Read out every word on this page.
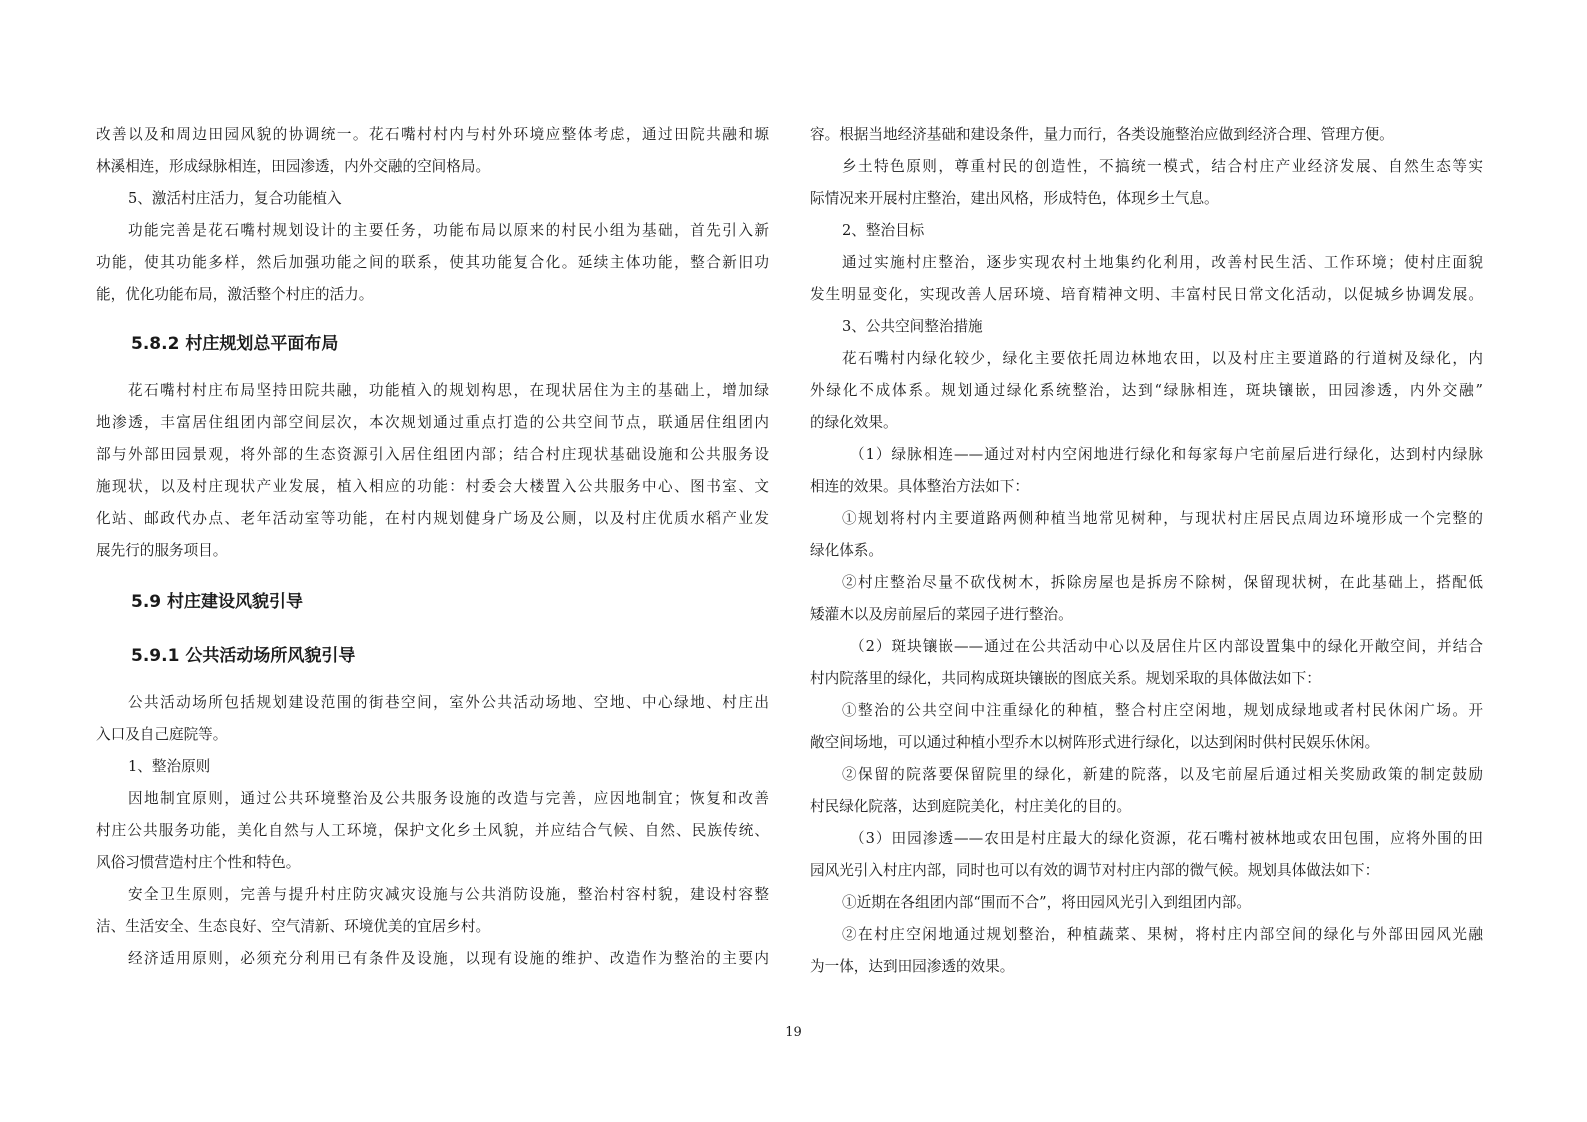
改善以及和周边田园风貌的协调统一。花石嘴村村内与村外环境应整体考虑，通过田院共融和塬
林溪相连，形成绿脉相连，田园渗透，内外交融的空间格局。
5、激活村庄活力，复合功能植入
功能完善是花石嘴村规划设计的主要任务，功能布局以原来的村民小组为基础，首先引入新
功能，使其功能多样，然后加强功能之间的联系，使其功能复合化。延续主体功能，整合新旧功
能，优化功能布局，激活整个村庄的活力。
5.8.2 村庄规划总平面布局
花石嘴村村庄布局坚持田院共融，功能植入的规划构思，在现状居住为主的基础上，增加绿
地渗透，丰富居住组团内部空间层次，本次规划通过重点打造的公共空间节点，联通居住组团内
部与外部田园景观，将外部的生态资源引入居住组团内部；结合村庄现状基础设施和公共服务设
施现状，以及村庄现状产业发展，植入相应的功能：村委会大楼置入公共服务中心、图书室、文
化站、邮政代办点、老年活动室等功能，在村内规划健身广场及公厕，以及村庄优质水稻产业发
展先行的服务项目。
5.9 村庄建设风貌引导
5.9.1 公共活动场所风貌引导
公共活动场所包括规划建设范围的街巷空间，室外公共活动场地、空地、中心绿地、村庄出
入口及自己庭院等。
1、整治原则
因地制宜原则，通过公共环境整治及公共服务设施的改造与完善，应因地制宜；恢复和改善
村庄公共服务功能，美化自然与人工环境，保护文化乡土风貌，并应结合气候、自然、民族传统、
风俗习惯营造村庄个性和特色。
安全卫生原则，完善与提升村庄防灾减灾设施与公共消防设施，整治村容村貌，建设村容整
洁、生活安全、生态良好、空气清新、环境优美的宜居乡村。
经济适用原则，必须充分利用已有条件及设施，以现有设施的维护、改造作为整治的主要内
容。根据当地经济基础和建设条件，量力而行，各类设施整治应做到经济合理、管理方便。
乡土特色原则，尊重村民的创造性，不搞统一模式，结合村庄产业经济发展、自然生态等实
际情况来开展村庄整治，建出风格，形成特色，体现乡土气息。
2、整治目标
通过实施村庄整治，逐步实现农村土地集约化利用，改善村民生活、工作环境；使村庄面貌
发生明显变化，实现改善人居环境、培育精神文明、丰富村民日常文化活动，以促城乡协调发展。
3、公共空间整治措施
花石嘴村内绿化较少，绿化主要依托周边林地农田，以及村庄主要道路的行道树及绿化，内
外绿化不成体系。规划通过绿化系统整治，达到“绿脉相连，斑块镶嵌，田园渗透，内外交融”
的绿化效果。
（1）绿脉相连——通过对村内空闲地进行绿化和每家每户宅前屋后进行绿化，达到村内绿脉
相连的效果。具体整治方法如下：
①规划将村内主要道路两侧种植当地常见树种，与现状村庄居民点周边环境形成一个完整的
绿化体系。
②村庄整治尽量不砍伐树木，拆除房屋也是拆房不除树，保留现状树，在此基础上，搭配低
矮灌木以及房前屋后的菜园子进行整治。
（2）斑块镶嵌——通过在公共活动中心以及居住片区内部设置集中的绿化开敞空间，并结合
村内院落里的绿化，共同构成斑块镶嵌的图底关系。规划采取的具体做法如下：
①整治的公共空间中注重绿化的种植，整合村庄空闲地，规划成绿地或者村民休闲广场。开
敞空间场地，可以通过种植小型乔木以树阵形式进行绿化，以达到闲时供村民娱乐休闲。
②保留的院落要保留院里的绿化，新建的院落，以及宅前屋后通过相关奖励政策的制定鼓励
村民绿化院落，达到庭院美化，村庄美化的目的。
（3）田园渗透——农田是村庄最大的绿化资源，花石嘴村被林地或农田包围，应将外围的田
园风光引入村庄内部，同时也可以有效的调节对村庄内部的微气候。规划具体做法如下：
①近期在各组团内部“围而不合”，将田园风光引入到组团内部。
②在村庄空闲地通过规划整治，种植蔬菜、果树，将村庄内部空间的绿化与外部田园风光融
为一体，达到田园渗透的效果。
19
